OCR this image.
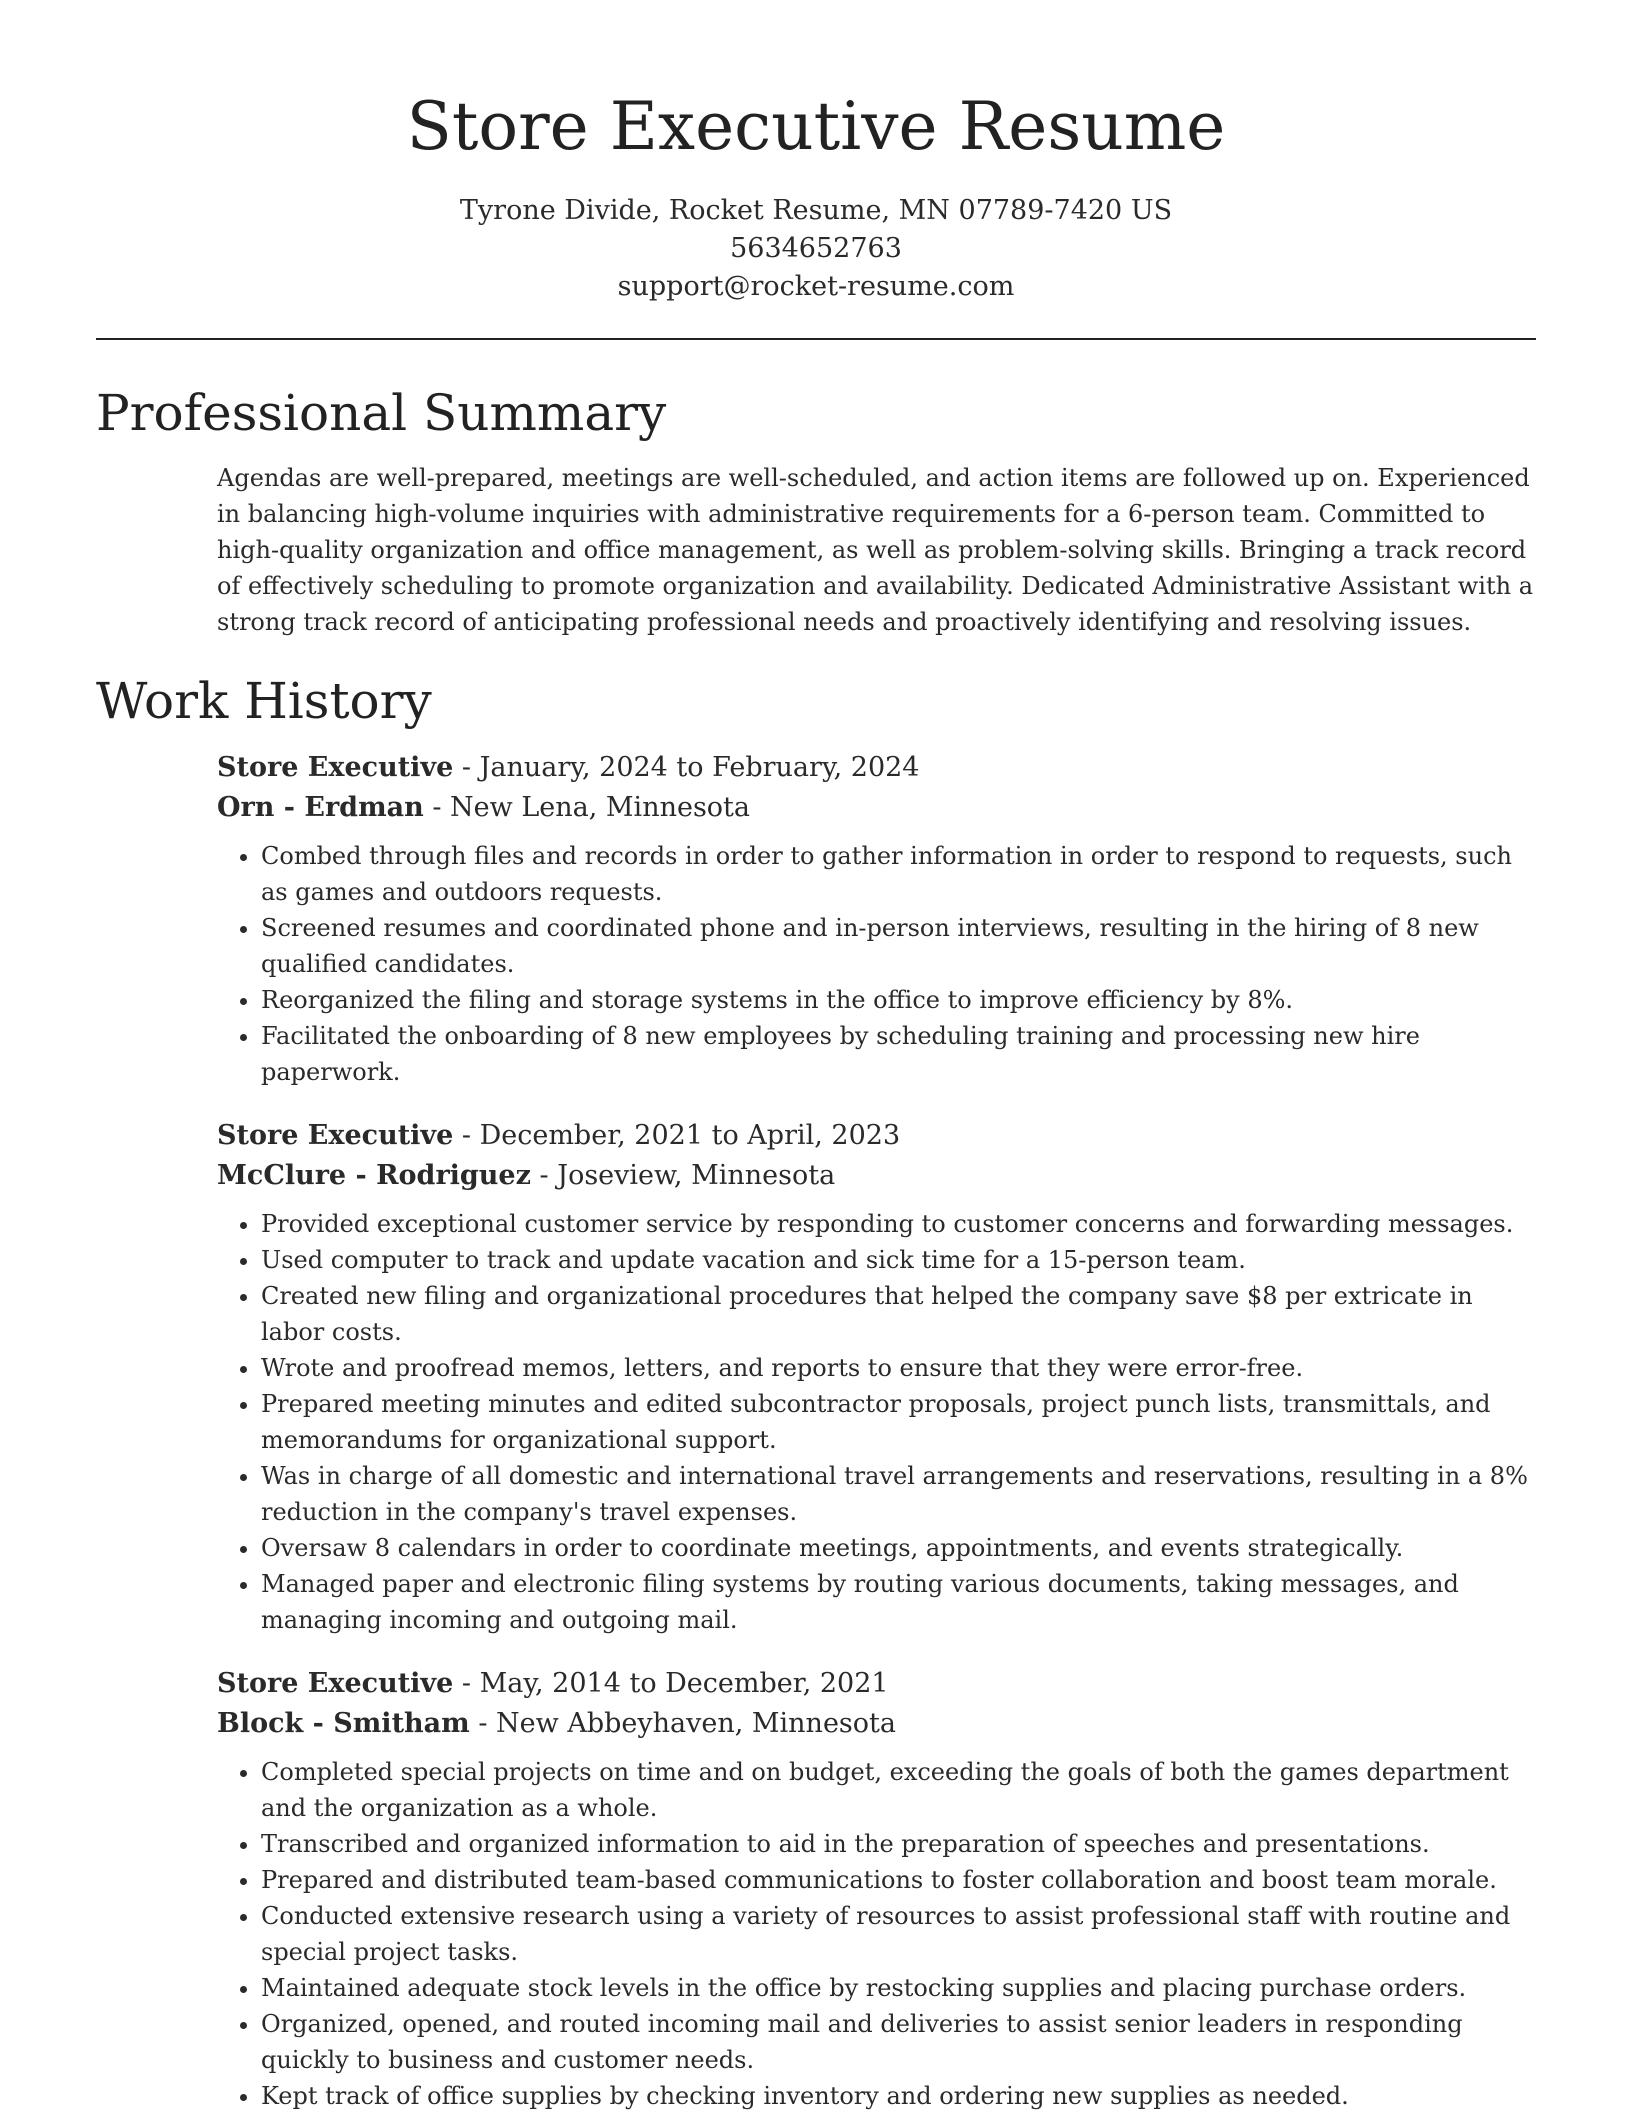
Store Executive Resume
Tyrone Divide, Rocket Resume, MN 07789-7420 US
5634652763
support@rocket-resume.com
Professional Summary

Agendas are well-prepared, meetings are well-scheduled, and action items are followed up on. Experienced in balancing high-volume inquiries with administrative requirements for a 6-person team. Committed to high-quality organization and office management, as well as problem-solving skills. Bringing a track record of effectively scheduling to promote organization and availability. Dedicated Administrative Assistant with a strong track record of anticipating professional needs and proactively identifying and resolving issues.

Work History
Store Executive - January, 2024 to February, 2024
Orn - Erdman - New Lena, Minnesota
• Combed through files and records in order to gather information in order to respond to requests, such as games and outdoors requests.
• Screened resumes and coordinated phone and in-person interviews, resulting in the hiring of 8 new qualified candidates.
• Reorganized the filing and storage systems in the office to improve efficiency by 8%.
• Facilitated the onboarding of 8 new employees by scheduling training and processing new hire paperwork.
Store Executive - December, 2021 to April, 2023
McClure - Rodriguez - Joseview, Minnesota
• Provided exceptional customer service by responding to customer concerns and forwarding messages.
• Used computer to track and update vacation and sick time for a 15-person team.
• Created new filing and organizational procedures that helped the company save $8 per extricate in labor costs.
• Wrote and proofread memos, letters, and reports to ensure that they were error-free.
• Prepared meeting minutes and edited subcontractor proposals, project punch lists, transmittals, and memorandums for organizational support.
• Was in charge of all domestic and international travel arrangements and reservations, resulting in a 8% reduction in the company's travel expenses.
• Oversaw 8 calendars in order to coordinate meetings, appointments, and events strategically.
• Managed paper and electronic filing systems by routing various documents, taking messages, and managing incoming and outgoing mail.
Store Executive - May, 2014 to December, 2021
Block - Smitham - New Abbeyhaven, Minnesota
• Completed special projects on time and on budget, exceeding the goals of both the games department and the organization as a whole.
• Transcribed and organized information to aid in the preparation of speeches and presentations.
• Prepared and distributed team-based communications to foster collaboration and boost team morale.
• Conducted extensive research using a variety of resources to assist professional staff with routine and special project tasks.
• Maintained adequate stock levels in the office by restocking supplies and placing purchase orders.
• Organized, opened, and routed incoming mail and deliveries to assist senior leaders in responding quickly to business and customer needs.
• Kept track of office supplies by checking inventory and ordering new supplies as needed.
